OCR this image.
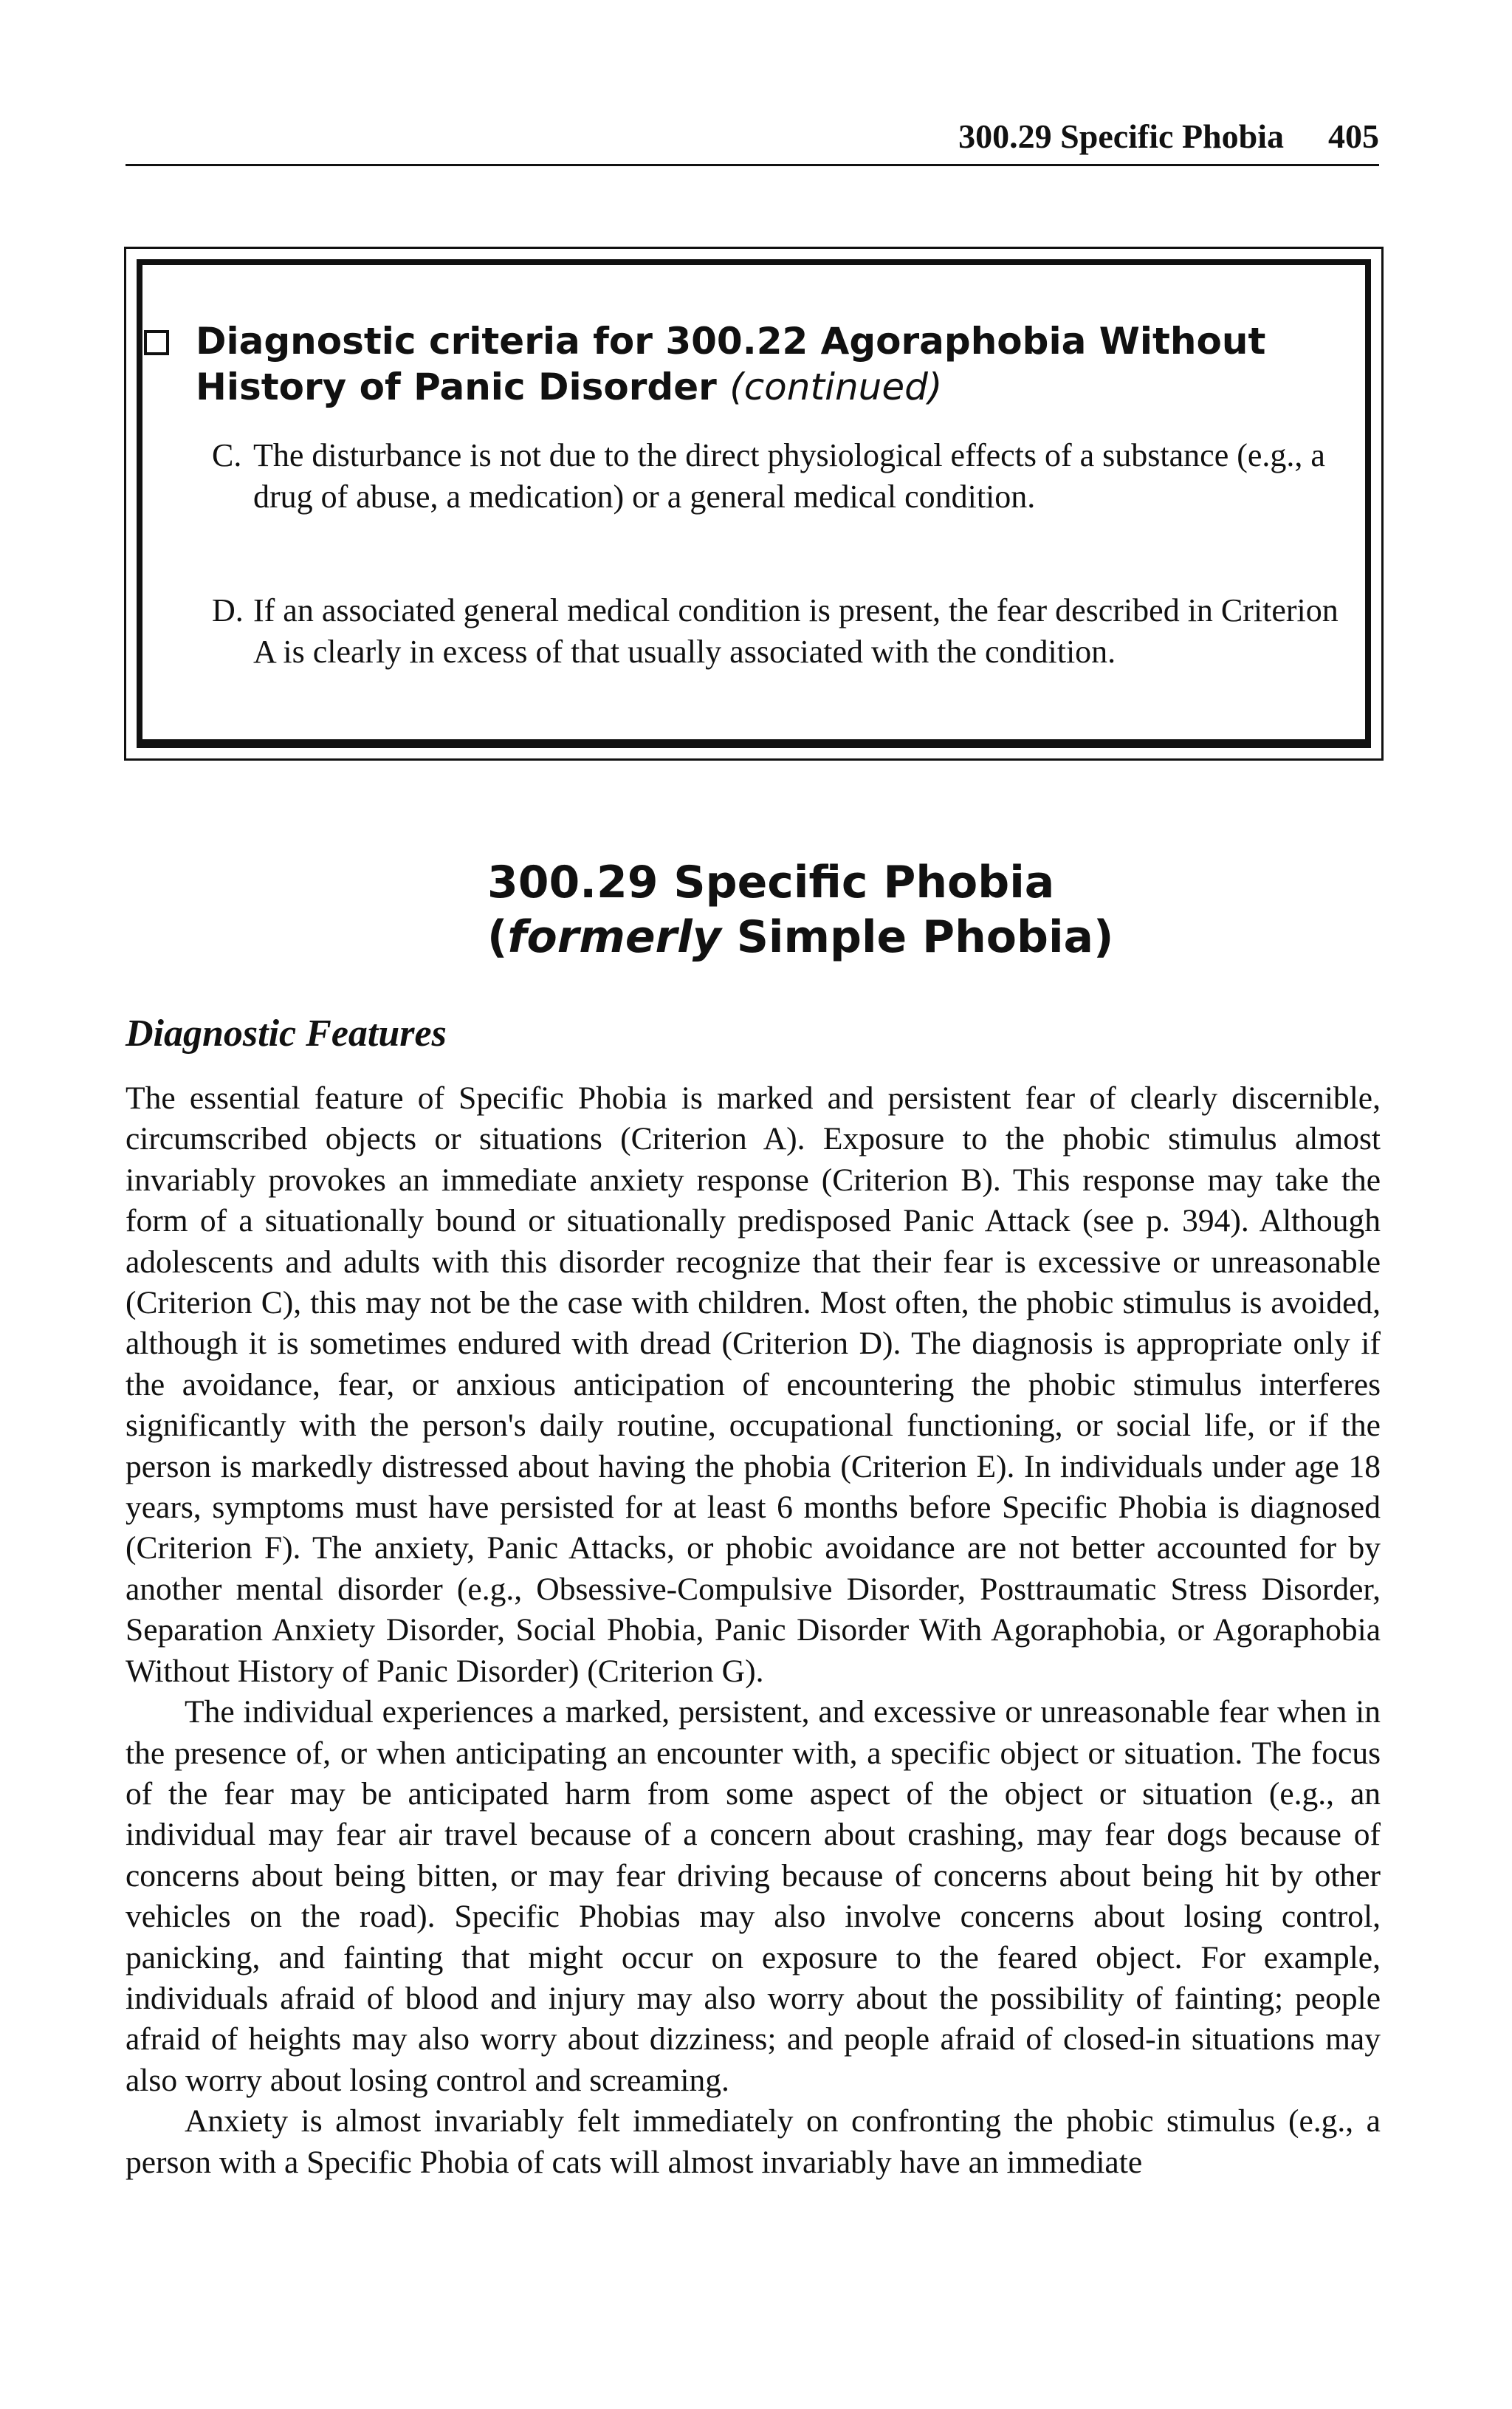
300.29 Specific Phobia 405
Diagnostic criteria for 300.22 Agoraphobia Without History of Panic Disorder (continued)
C. The disturbance is not due to the direct physiological effects of a substance (e.g., a drug of abuse, a medication) or a general medical condition.
D. If an associated general medical condition is present, the fear described in Criterion A is clearly in excess of that usually associated with the condition.
300.29 Specific Phobia
(formerly Simple Phobia)
Diagnostic Features

The essential feature of Specific Phobia is marked and persistent fear of clearly discernible, circumscribed objects or situations (Criterion A). Exposure to the phobic stimulus almost invariably provokes an immediate anxiety response (Criterion B). This response may take the form of a situationally bound or situationally predisposed Panic Attack (see p. 394). Although adolescents and adults with this disorder recognize that their fear is excessive or unreasonable (Criterion C), this may not be the case with children. Most often, the phobic stimulus is avoided, although it is sometimes endured with dread (Criterion D). The diagnosis is appropriate only if the avoidance, fear, or anxious anticipation of encountering the phobic stimulus interferes significantly with the person's daily routine, occupational functioning, or social life, or if the person is markedly distressed about having the phobia (Criterion E). In individuals under age 18 years, symptoms must have persisted for at least 6 months before Specific Phobia is diagnosed (Criterion F). The anxiety, Panic Attacks, or phobic avoidance are not better accounted for by another mental disorder (e.g., Obsessive-Compulsive Disorder, Posttraumatic Stress Disorder, Separation Anxiety Disorder, Social Phobia, Panic Disorder With Agoraphobia, or Agoraphobia Without History of Panic Disorder) (Criterion G).

The individual experiences a marked, persistent, and excessive or unreasonable fear when in the presence of, or when anticipating an encounter with, a specific object or situation. The focus of the fear may be anticipated harm from some aspect of the object or situation (e.g., an individual may fear air travel because of a concern about crashing, may fear dogs because of concerns about being bitten, or may fear driving because of concerns about being hit by other vehicles on the road). Specific Phobias may also involve concerns about losing control, panicking, and fainting that might occur on exposure to the feared object. For example, individuals afraid of blood and injury may also worry about the possibility of fainting; people afraid of heights may also worry about dizziness; and people afraid of closed-in situations may also worry about losing control and screaming.

Anxiety is almost invariably felt immediately on confronting the phobic stimulus (e.g., a person with a Specific Phobia of cats will almost invariably have an immediate
